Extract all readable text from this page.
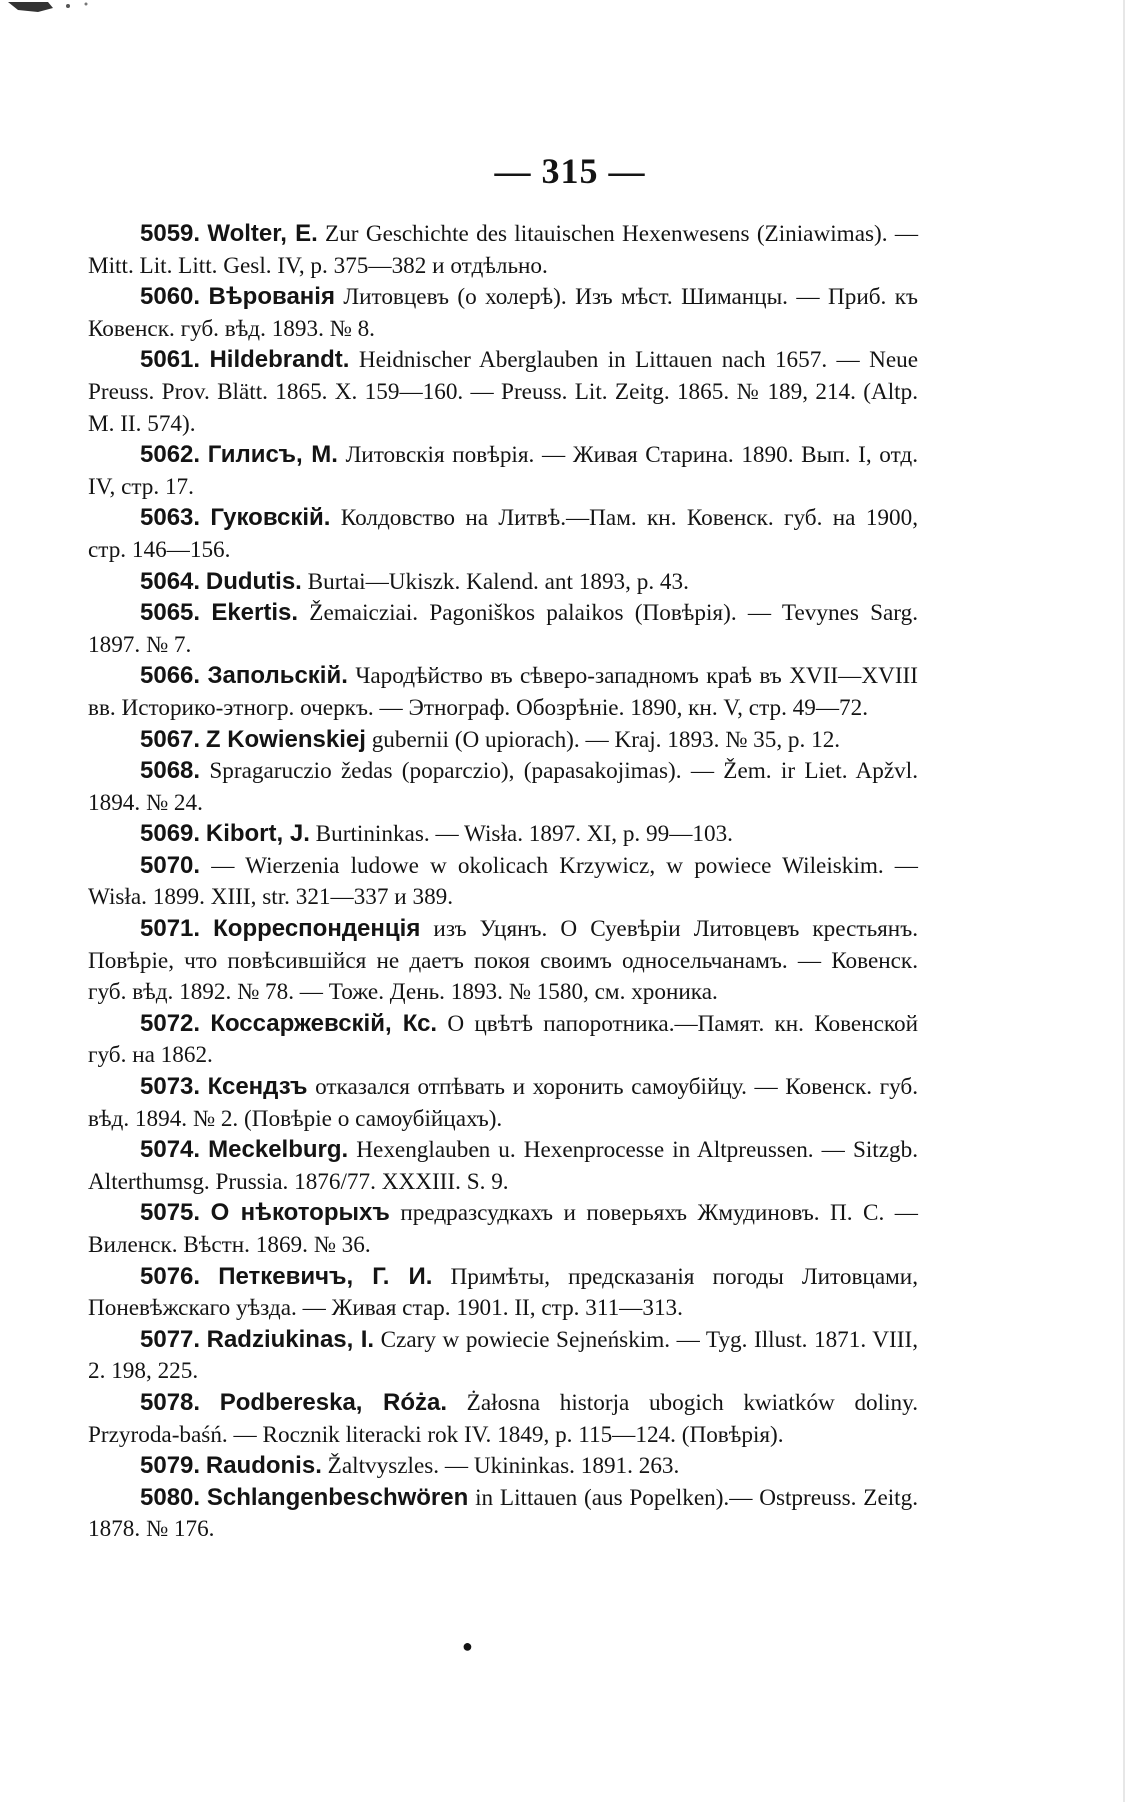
— 315 —

5059. Wolter, E. Zur Geschichte des litauischen Hexenwesens (Ziniawimas). — Mitt. Lit. Litt. Gesl. IV, p. 375—382 и отдѣльно.

5060. Вѣрованія Литовцевъ (о холерѣ). Изъ мѣст. Шиманцы. — Приб. къ Ковенск. губ. вѣд. 1893. № 8.

5061. Hildebrandt. Heidnischer Aberglauben in Littauen nach 1657. — Neue Preuss. Prov. Blätt. 1865. X. 159—160. — Preuss. Lit. Zeitg. 1865. № 189, 214. (Altp. M. II. 574).

5062. Гилисъ, М. Литовскія повѣрія. — Живая Старина. 1890. Вып. I, отд. IV, стр. 17.

5063. Гуковскій. Колдовство на Литвѣ.—Пам. кн. Ковенск. губ. на 1900, стр. 146—156.

5064. Dudutis. Burtai—Ukiszk. Kalend. ant 1893, p. 43.

5065. Ekertis. Žemaicziai. Pagoniškos palaikos (Повѣрія). — Tevynes Sarg. 1897. № 7.

5066. Запольскій. Чародѣйство въ сѣверо-западномъ краѣ въ XVII—XVIII вв. Историко-этногр. очеркъ. — Этнограф. Обозрѣніе. 1890, кн. V, стр. 49—72.

5067. Z Kowienskiej gubernii (O upiorach). — Kraj. 1893. № 35, p. 12.

5068. Spragaruczio žedas (poparczio), (papasakojimas). — Žem. ir Liet. Apžvl. 1894. № 24.

5069. Kibort, J. Burtininkas. — Wisła. 1897. XI, p. 99—103.

5070. — Wierzenia ludowe w okolicach Krzywicz, w powiece Wileiskim. — Wisła. 1899. XIII, str. 321—337 и 389.

5071. Корреспонденція изъ Уцянъ. О Суевѣріи Литовцевъ крестьянъ. Повѣріе, что повѣсившійся не даетъ покоя своимъ односельчанамъ. — Ковенск. губ. вѣд. 1892. № 78. — Тоже. День. 1893. № 1580, см. хроника.

5072. Коссаржевскій, Кс. О цвѣтѣ папоротника.—Памят. кн. Ковенской губ. на 1862.

5073. Ксендзъ отказался отпѣвать и хоронить самоубійцу. — Ковенск. губ. вѣд. 1894. № 2. (Повѣріе о самоубійцахъ).

5074. Meckelburg. Hexenglauben u. Hexenprocesse in Altpreussen. — Sitzgb. Alterthumsg. Prussia. 1876/77. XXXIII. S. 9.

5075. О нѣкоторыхъ предразсудкахъ и поверьяхъ Жмудиновъ. П. С. — Виленск. Вѣстн. 1869. № 36.

5076. Петкевичъ, Г. И. Примѣты, предсказанія погоды Литовцами, Поневѣжскаго уѣзда. — Живая стар. 1901. II, стр. 311—313.

5077. Radziukinas, I. Czary w powiecie Sejneńskim. — Tyg. Illust. 1871. VIII, 2. 198, 225.

5078. Podbereska, Róża. Żałosna historja ubogich kwiatków doliny. Przyroda-baśń. — Rocznik literacki rok IV. 1849, p. 115—124. (Повѣрія).

5079. Raudonis. Žaltvyszles. — Ukininkas. 1891. 263.

5080. Schlangenbeschwören in Littauen (aus Popelken).— Ostpreuss. Zeitg. 1878. № 176.

●
